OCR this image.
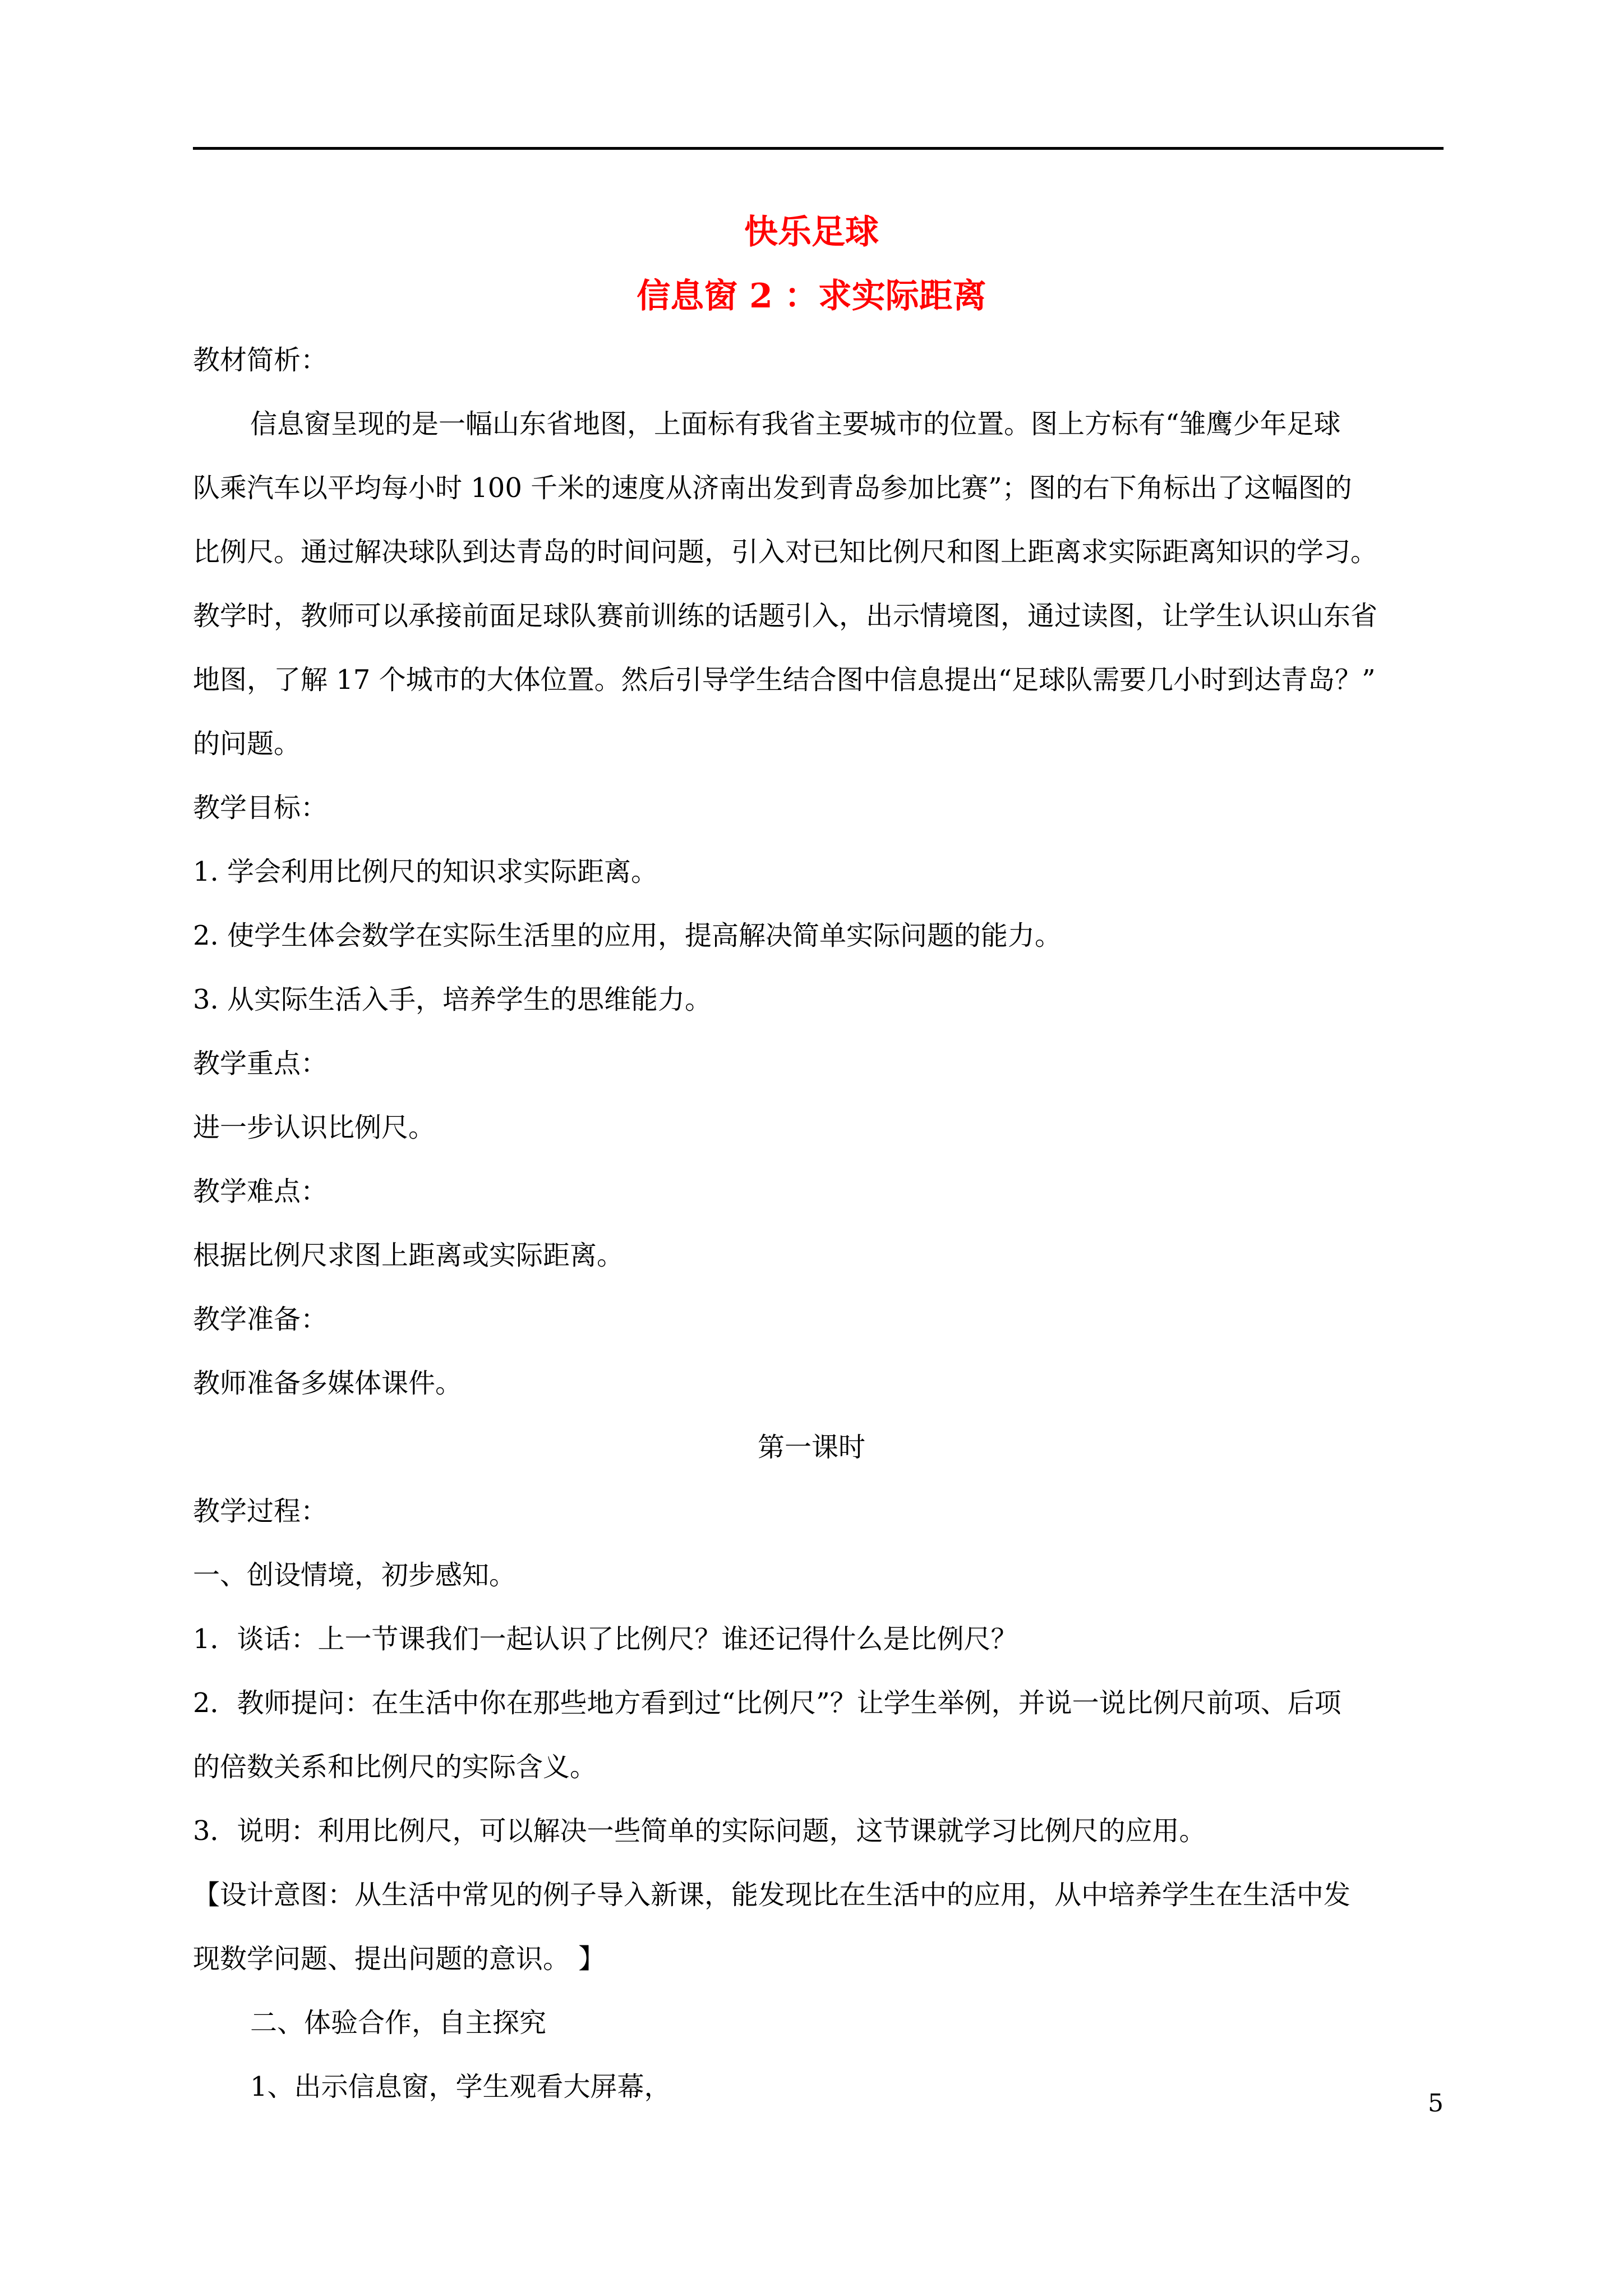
快乐足球
信息窗 2 ：求实际距离

教材简析：

信息窗呈现的是一幅山东省地图，上面标有我省主要城市的位置。图上方标有“雏鹰少年足球

队乘汽车以平均每小时 100 千米的速度从济南出发到青岛参加比赛”；图的右下角标出了这幅图的

比例尺。通过解决球队到达青岛的时间问题，引入对已知比例尺和图上距离求实际距离知识的学习。

教学时，教师可以承接前面足球队赛前训练的话题引入，出示情境图，通过读图，让学生认识山东省

地图，了解 17 个城市的大体位置。然后引导学生结合图中信息提出“足球队需要几小时到达青岛？”

的问题。

教学目标：

1. 学会利用比例尺的知识求实际距离。

2. 使学生体会数学在实际生活里的应用，提高解决简单实际问题的能力。

3. 从实际生活入手，培养学生的思维能力。

教学重点：

进一步认识比例尺。

教学难点：

根据比例尺求图上距离或实际距离。

教学准备：

教师准备多媒体课件。

第一课时

教学过程：

一、创设情境，初步感知。

1．谈话：上一节课我们一起认识了比例尺？谁还记得什么是比例尺？

2．教师提问：在生活中你在那些地方看到过“比例尺”？让学生举例，并说一说比例尺前项、后项

的倍数关系和比例尺的实际含义。

3．说明：利用比例尺，可以解决一些简单的实际问题，这节课就学习比例尺的应用。

【设计意图：从生活中常见的例子导入新课，能发现比在生活中的应用，从中培养学生在生活中发

现数学问题、提出问题的意识。 】

二、体验合作，自主探究

1、出示信息窗，学生观看大屏幕，

5
